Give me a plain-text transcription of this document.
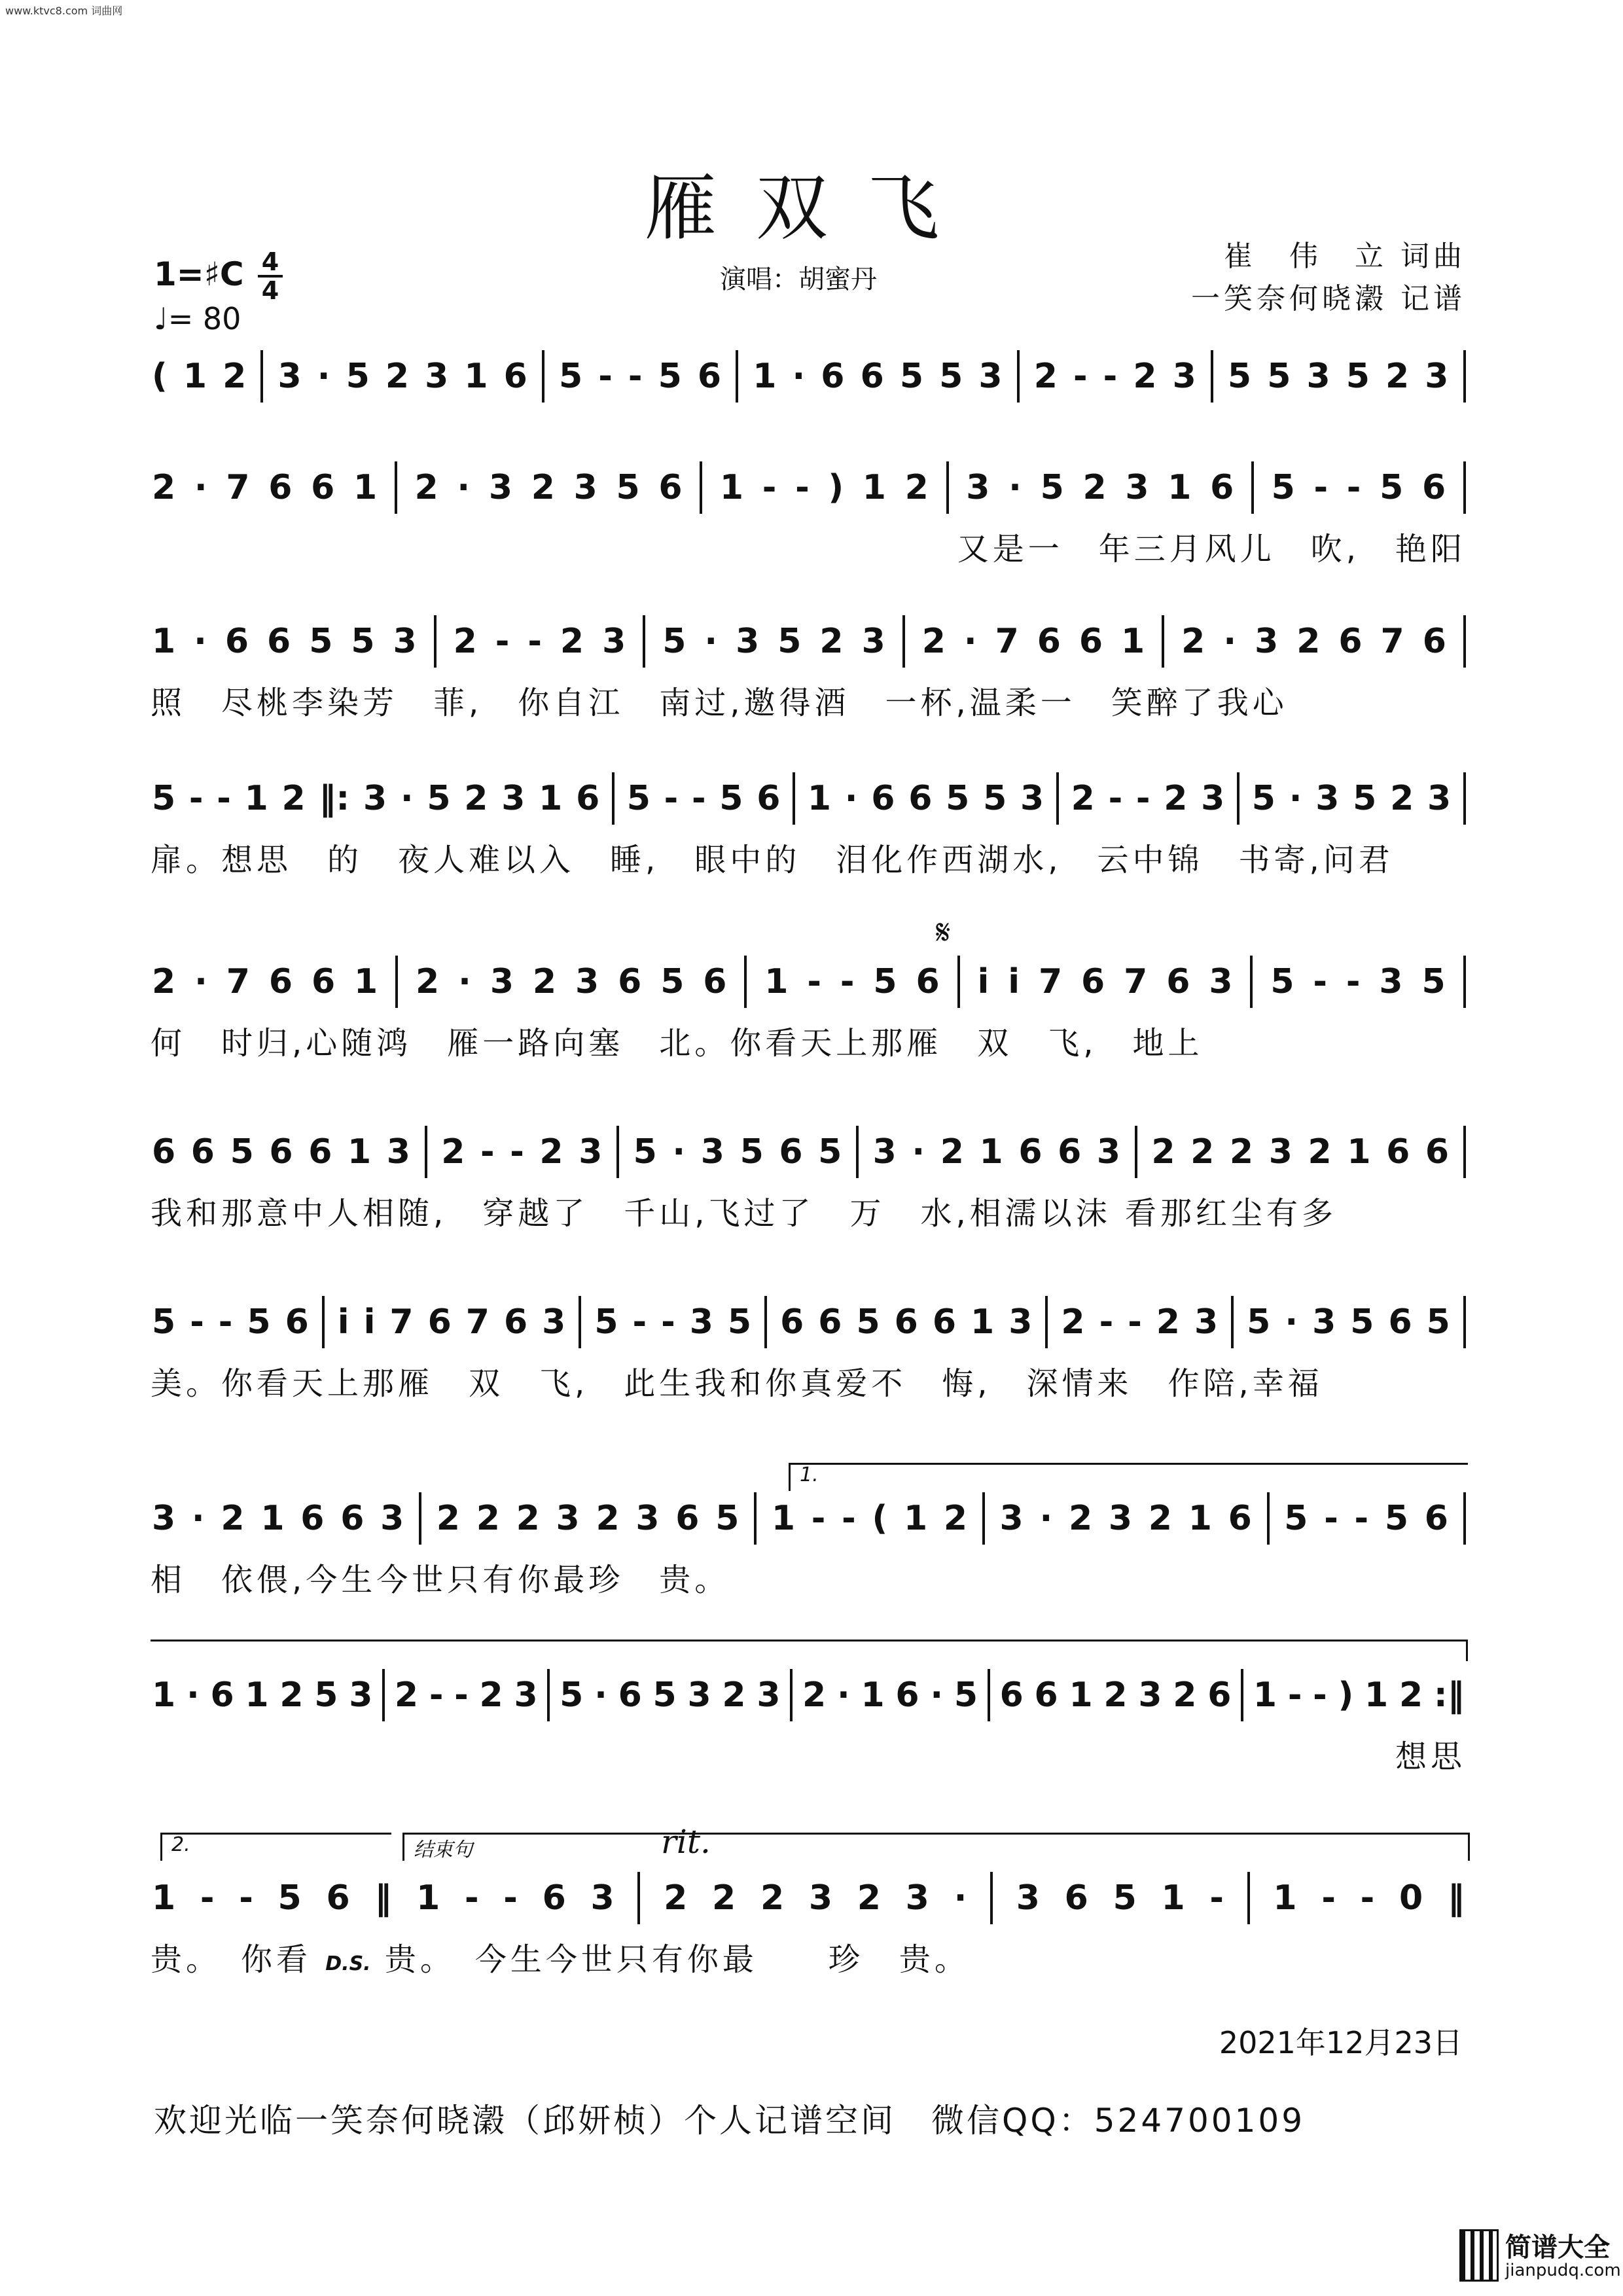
www.ktvc8.com 词曲网
雁双飞
1=♯C 4
4
♩= 80
演唱：胡蜜丹
崔　伟　立 词曲
一笑奈何晓瀔 记谱
( 1 2 3 · 5 2 3 1 6 5 - - 5 6 1 · 6 6 5 5 3 2 - - 2 3 5 5 3 5 2 3
2 · 7 6 6 1 2 · 3 2 3 5 6 1 - - ) 1 2 3 · 5 2 3 1 6 5 - - 5 6
又是一　年三月风儿　吹,　艳阳
1 · 6 6 5 5 3 2 - - 2 3 5 · 3 5 2 3 2 · 7 6 6 1 2 · 3 2 6 7 6
照　尽桃李染芳　菲,　你自江　南过,邀得酒　一杯,温柔一　笑醉了我心
5 - - 1 2 ‖: 3 · 5 2 3 1 6 5 - - 5 6 1 · 6 6 5 5 3 2 - - 2 3 5 · 3 5 2 3
扉。想思　的　夜人难以入　睡,　眼中的　泪化作西湖水,　云中锦　书寄,问君
𝄋
2 · 7 6 6 1 2 · 3 2 3 6 5 6 1 - - 5 6 i i 7 6 7 6 3 5 - - 3 5
何　时归,心随鸿　雁一路向塞　北。你看天上那雁　双　飞,　地上
6 6 5 6 6 1 3 2 - - 2 3 5 · 3 5 6 5 3 · 2 1 6 6 3 2 2 2 3 2 1 6 6
我和那意中人相随,　穿越了　千山,飞过了　万　水,相濡以沫 看那红尘有多
5 - - 5 6 i i 7 6 7 6 3 5 - - 3 5 6 6 5 6 6 1 3 2 - - 2 3 5 · 3 5 6 5
美。你看天上那雁　双　飞,　此生我和你真爱不　悔,　深情来　作陪,幸福
1.
3 · 2 1 6 6 3 2 2 2 3 2 3 6 5 1 - - ( 1 2 3 · 2 3 2 1 6 5 - - 5 6
相　依偎,今生今世只有你最珍　贵。
1 · 6 1 2 5 3 2 - - 2 3 5 · 6 5 3 2 3 2 · 1 6 · 5 6 6 1 2 3 2 6 1 - - ) 1 2 :‖
想思
2.	结束句	rit.
1 - - 5 6 ‖ 1 - - 6 3 2 2 2 3 2 3 · 3 6 5 1 - 1 - - 0 ‖
贵。　你看 D.S. 贵。　今生今世只有你最　　珍　贵。
2021年12月23日
欢迎光临一笑奈何晓瀔（邱妍桢）个人记谱空间　微信QQ：524700109
简谱大全
jianpudq.com
